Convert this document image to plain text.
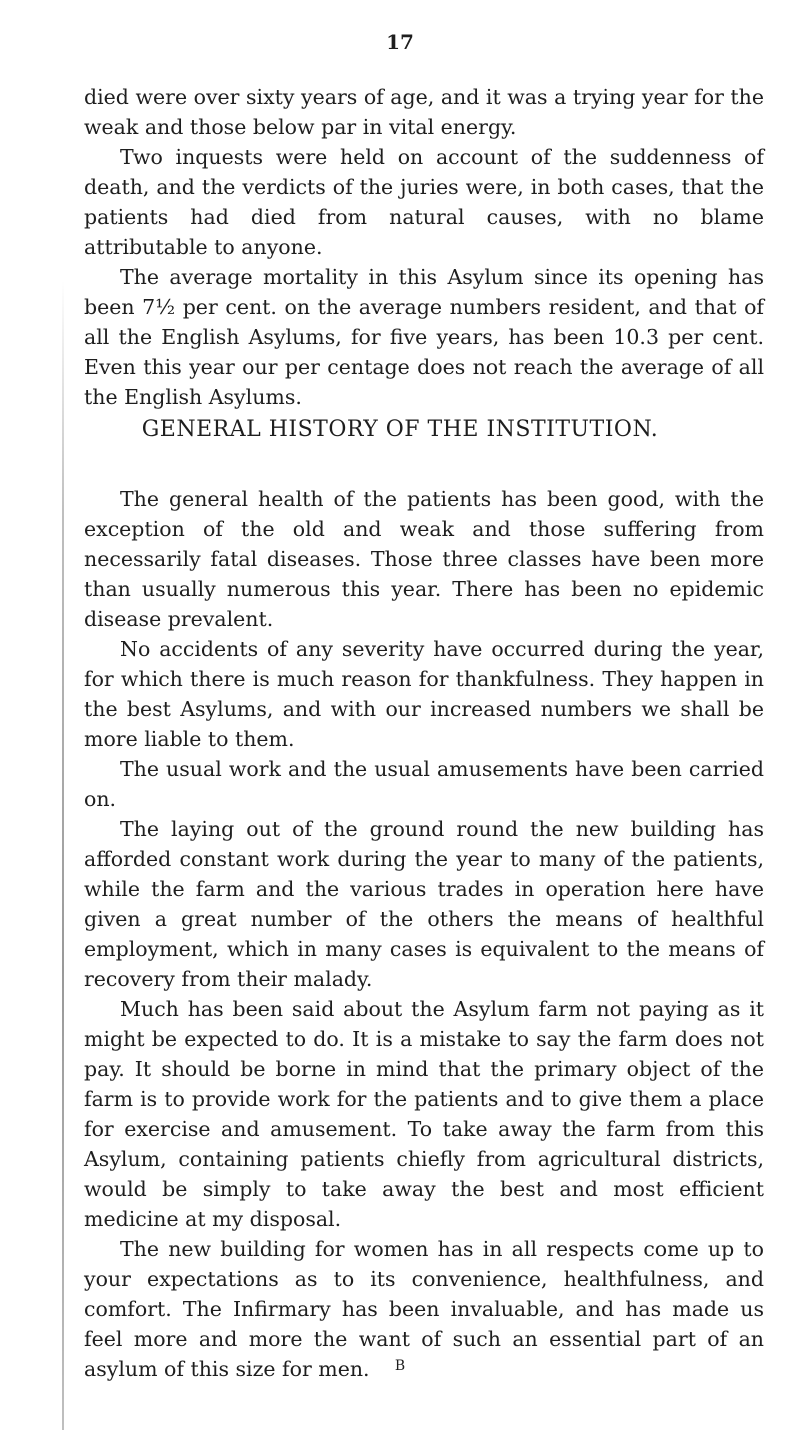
17

died were over sixty years of age, and it was a trying year for the weak and those below par in vital energy.

Two inquests were held on account of the suddenness of death, and the verdicts of the juries were, in both cases, that the patients had died from natural causes, with no blame attributable to anyone.

The average mortality in this Asylum since its opening has been 7½ per cent. on the average numbers resident, and that of all the English Asylums, for five years, has been 10.3 per cent. Even this year our per centage does not reach the average of all the English Asylums.

GENERAL HISTORY OF THE INSTITUTION.

The general health of the patients has been good, with the exception of the old and weak and those suffering from necessarily fatal diseases. Those three classes have been more than usually numerous this year. There has been no epidemic disease prevalent.

No accidents of any severity have occurred during the year, for which there is much reason for thankfulness. They happen in the best Asylums, and with our increased numbers we shall be more liable to them.

The usual work and the usual amusements have been carried on.

The laying out of the ground round the new building has afforded constant work during the year to many of the patients, while the farm and the various trades in operation here have given a great number of the others the means of healthful employment, which in many cases is equivalent to the means of recovery from their malady.

Much has been said about the Asylum farm not paying as it might be expected to do. It is a mistake to say the farm does not pay. It should be borne in mind that the primary object of the farm is to provide work for the patients and to give them a place for exercise and amusement. To take away the farm from this Asylum, containing patients chiefly from agricultural districts, would be simply to take away the best and most efficient medicine at my disposal.

The new building for women has in all respects come up to your expectations as to its convenience, healthfulness, and comfort. The Infirmary has been invaluable, and has made us feel more and more the want of such an essential part of an asylum of this size for men.	B
